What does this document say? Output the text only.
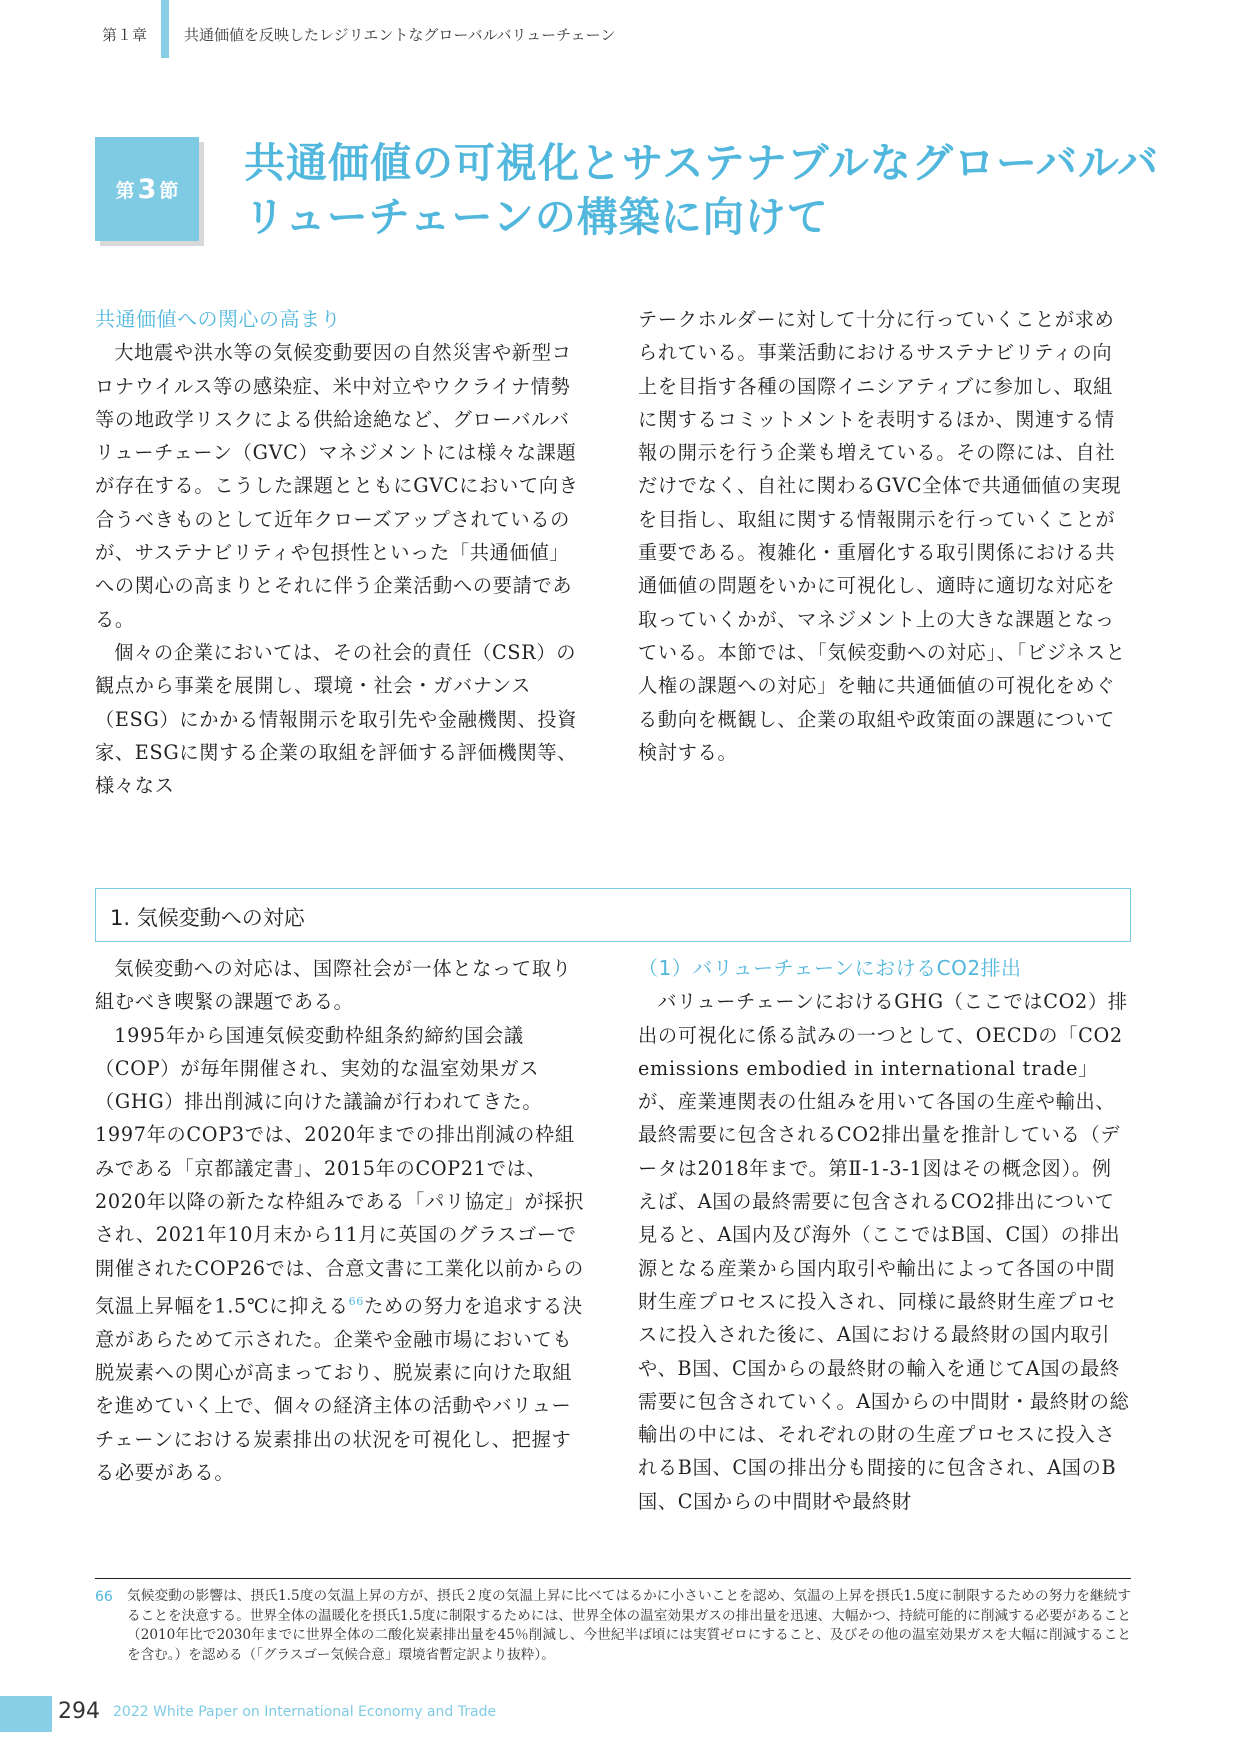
第１章 共通価値を反映したレジリエントなグローバルバリューチェーン
第 3 節
共通価値の可視化とサステナブルなグローバルバ
リューチェーンの構築に向けて
共通価値への関心の高まり

大地震や洪水等の気候変動要因の自然災害や新型コロナウイルス等の感染症、米中対立やウクライナ情勢等の地政学リスクによる供給途絶など、グローバルバリューチェーン（GVC）マネジメントには様々な課題が存在する。こうした課題とともにGVCにおいて向き合うべきものとして近年クローズアップされているのが、サステナビリティや包摂性といった「共通価値」への関心の高まりとそれに伴う企業活動への要請である。

個々の企業においては、その社会的責任（CSR）の観点から事業を展開し、環境・社会・ガバナンス（ESG）にかかる情報開示を取引先や金融機関、投資家、ESGに関する企業の取組を評価する評価機関等、様々なス

テークホルダーに対して十分に行っていくことが求められている。事業活動におけるサステナビリティの向上を目指す各種の国際イニシアティブに参加し、取組に関するコミットメントを表明するほか、関連する情報の開示を行う企業も増えている。その際には、自社だけでなく、自社に関わるGVC全体で共通価値の実現を目指し、取組に関する情報開示を行っていくことが重要である。複雑化・重層化する取引関係における共通価値の問題をいかに可視化し、適時に適切な対応を取っていくかが、マネジメント上の大きな課題となっている。本節では、「気候変動への対応」、「ビジネスと人権の課題への対応」を軸に共通価値の可視化をめぐる動向を概観し、企業の取組や政策面の課題について検討する。

1. 気候変動への対応

気候変動への対応は、国際社会が一体となって取り組むべき喫緊の課題である。

1995年から国連気候変動枠組条約締約国会議（COP）が毎年開催され、実効的な温室効果ガス（GHG）排出削減に向けた議論が行われてきた。1997年のCOP3では、2020年までの排出削減の枠組みである「京都議定書」、2015年のCOP21では、2020年以降の新たな枠組みである「パリ協定」が採択され、2021年10月末から11月に英国のグラスゴーで開催されたCOP26では、合意文書に工業化以前からの気温上昇幅を1.5℃に抑える$^{66}$ための努力を追求する決意があらためて示された。企業や金融市場においても脱炭素への関心が高まっており、脱炭素に向けた取組を進めていく上で、個々の経済主体の活動やバリューチェーンにおける炭素排出の状況を可視化し、把握する必要がある。

（1）バリューチェーンにおけるCO2排出

バリューチェーンにおけるGHG（ここではCO2）排出の可視化に係る試みの一つとして、OECDの「CO2 emissions embodied in international trade」が、産業連関表の仕組みを用いて各国の生産や輸出、最終需要に包含されるCO2排出量を推計している（データは2018年まで。第Ⅱ-1-3-1図はその概念図）。例えば、A国の最終需要に包含されるCO2排出について見ると、A国内及び海外（ここではB国、C国）の排出源となる産業から国内取引や輸出によって各国の中間財生産プロセスに投入され、同様に最終財生産プロセスに投入された後に、A国における最終財の国内取引や、B国、C国からの最終財の輸入を通じてA国の最終需要に包含されていく。A国からの中間財・最終財の総輸出の中には、それぞれの財の生産プロセスに投入されるB国、C国の排出分も間接的に包含され、A国のB国、C国からの中間財や最終財

66 気候変動の影響は、摂氏1.5度の気温上昇の方が、摂氏２度の気温上昇に比べてはるかに小さいことを認め、気温の上昇を摂氏1.5度に制限するための努力を継続することを決意する。世界全体の温暖化を摂氏1.5度に制限するためには、世界全体の温室効果ガスの排出量を迅速、大幅かつ、持続可能的に削減する必要があること（2010年比で2030年までに世界全体の二酸化炭素排出量を45％削減し、今世紀半ば頃には実質ゼロにすること、及びその他の温室効果ガスを大幅に削減することを含む。）を認める（「グラスゴー気候合意」環境省暫定訳より抜粋）。
294 2022 White Paper on International Economy and Trade
